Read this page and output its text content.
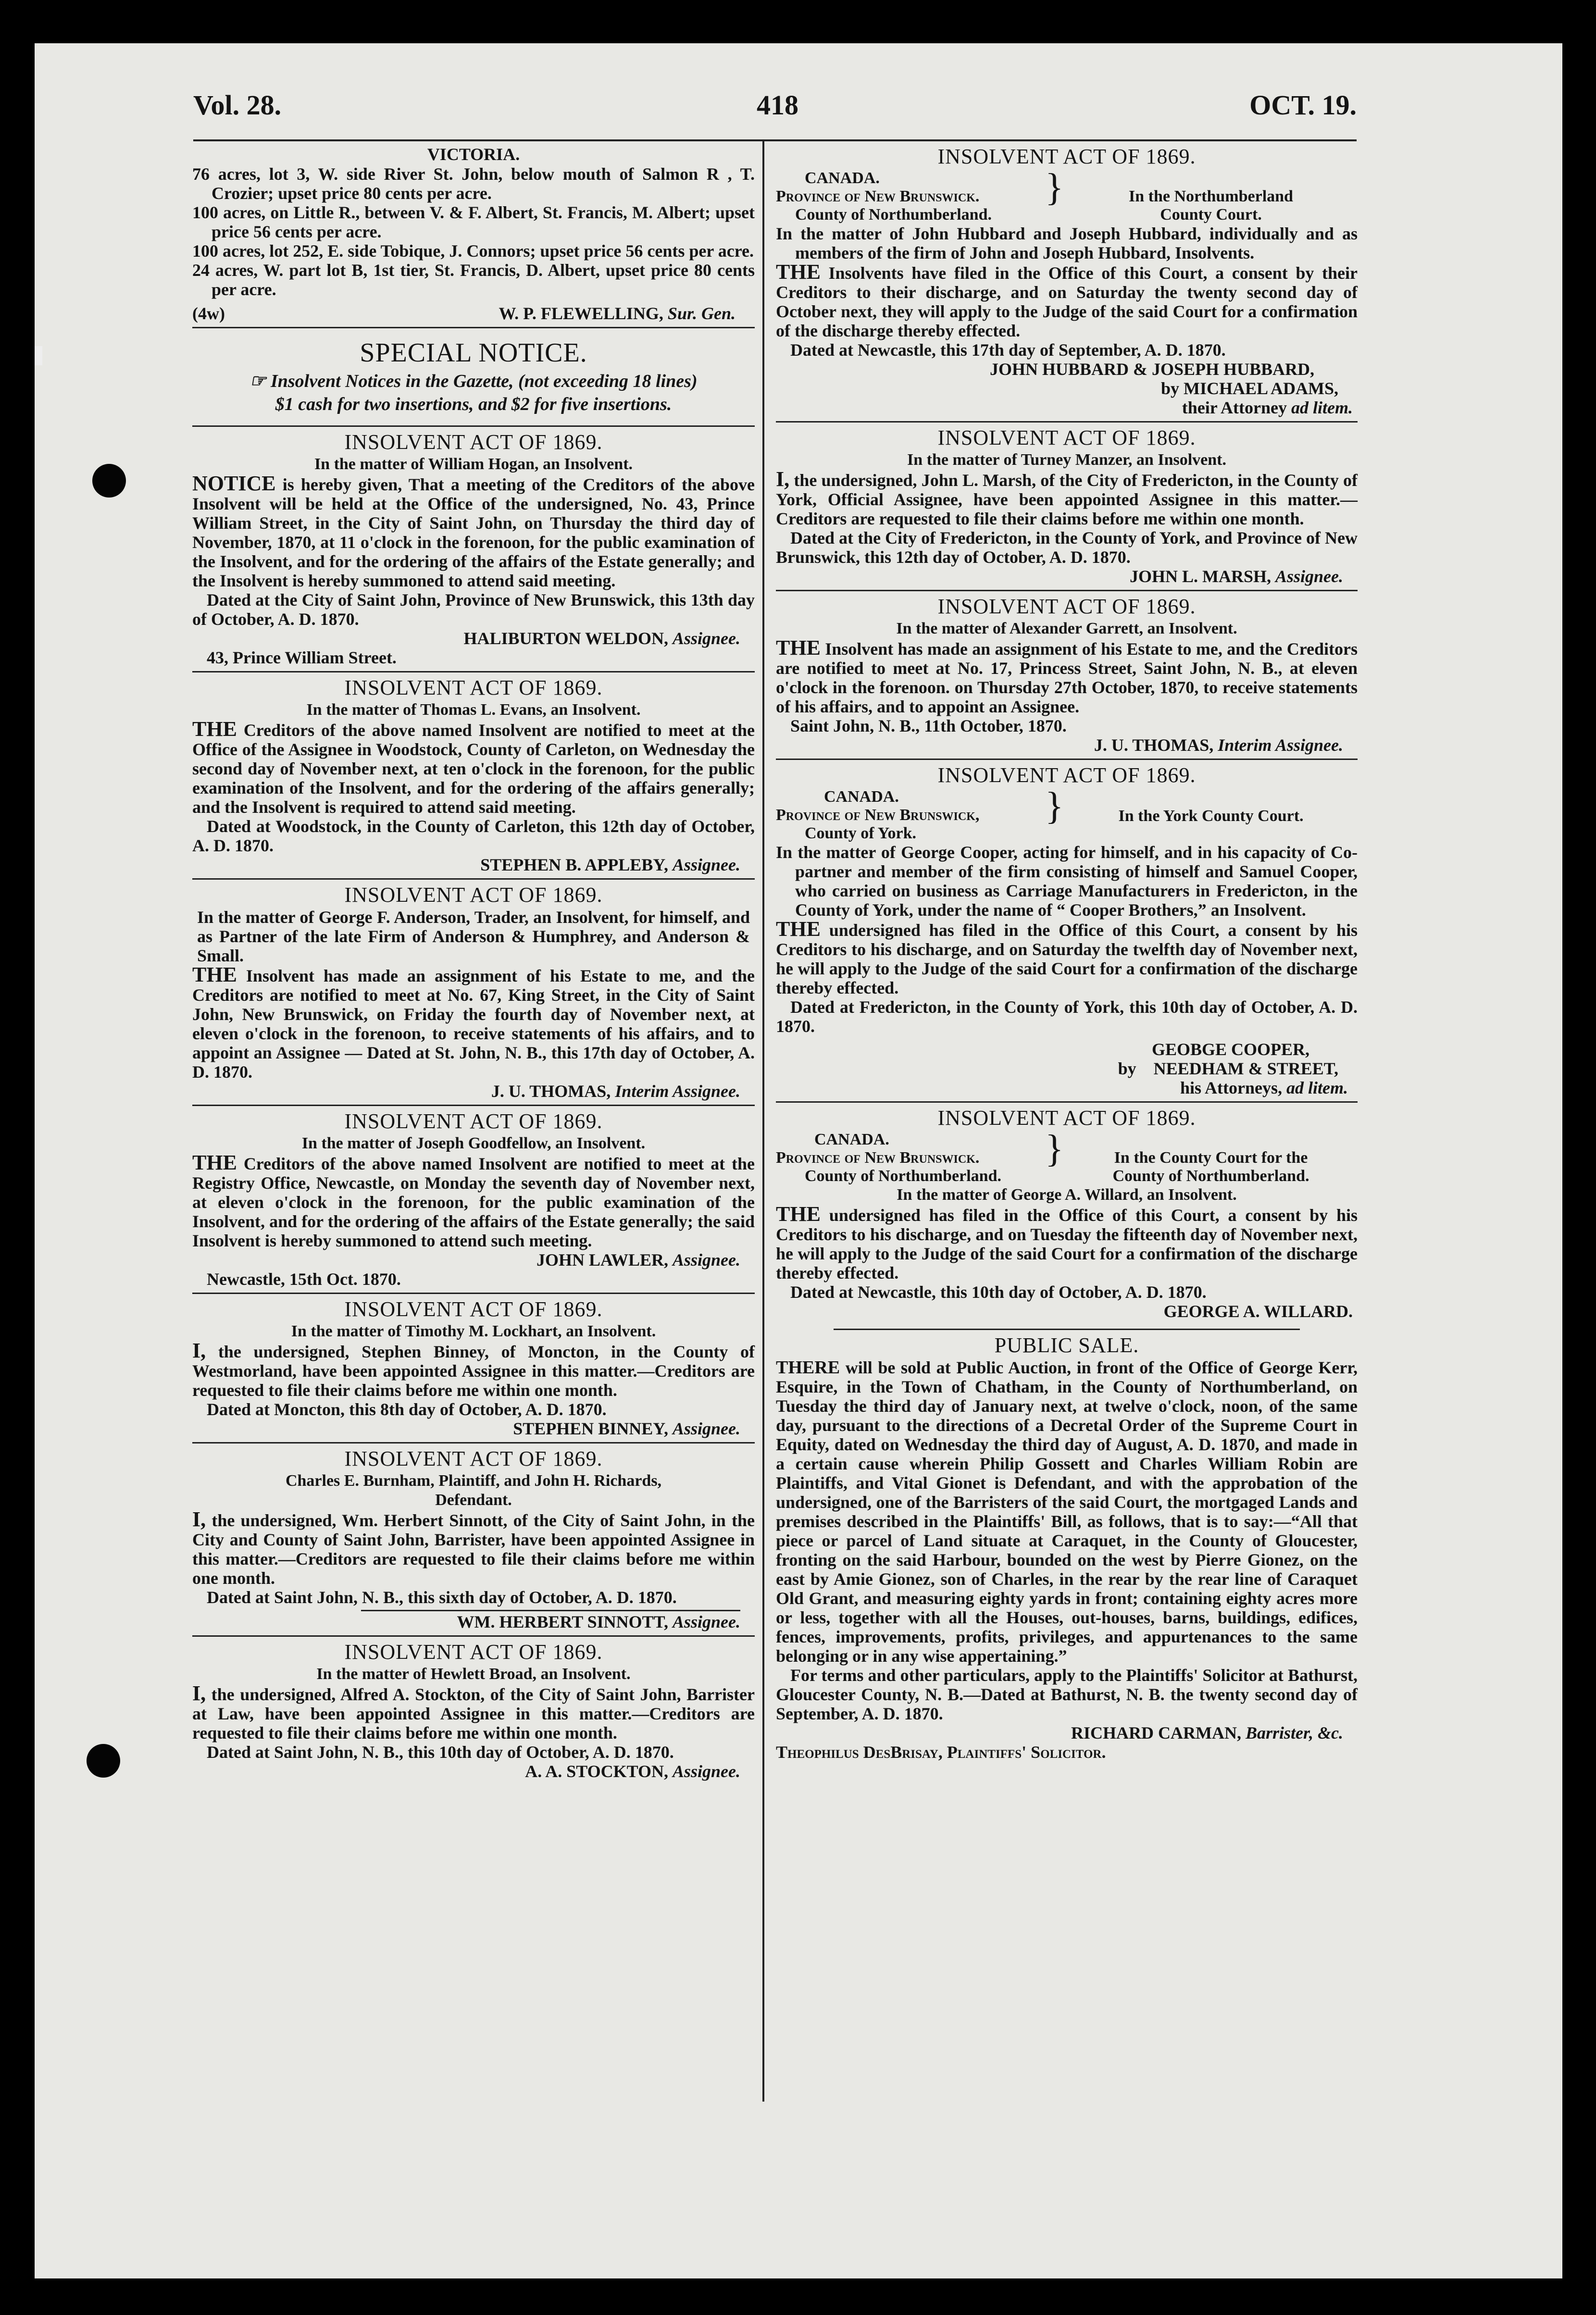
Vol. 28.	418	OCT. 19.
VICTORIA.

76 acres, lot 3, W. side River St. John, below mouth of Salmon R , T. Crozier; upset price 80 cents per acre.

100 acres, on Little R., between V. & F. Albert, St. Francis, M. Albert; upset price 56 cents per acre.

100 acres, lot 252, E. side Tobique, J. Connors; upset price 56 cents per acre.

24 acres, W. part lot B, 1st tier, St. Francis, D. Albert, upset price 80 cents per acre.

(4w)	W. P. FLEWELLING, Sur. Gen.
SPECIAL NOTICE.
☞ Insolvent Notices in the Gazette, (not exceeding 18 lines)
$1 cash for two insertions, and $2 for five insertions.
INSOLVENT ACT OF 1869.
In the matter of William Hogan, an Insolvent.

NOTICE is hereby given, That a meeting of the Creditors of the above Insolvent will be held at the Office of the undersigned, No. 43, Prince William Street, in the City of Saint John, on Thursday the third day of November, 1870, at 11 o'clock in the forenoon, for the public examination of the Insolvent, and for the ordering of the affairs of the Estate generally; and the Insolvent is hereby summoned to attend said meeting.

Dated at the City of Saint John, Province of New Brunswick, this 13th day of October, A. D. 1870.

HALIBURTON WELDON, Assignee.

43, Prince William Street.

INSOLVENT ACT OF 1869.
In the matter of Thomas L. Evans, an Insolvent.

THE Creditors of the above named Insolvent are notified to meet at the Office of the Assignee in Woodstock, County of Carleton, on Wednesday the second day of November next, at ten o'clock in the forenoon, for the public examination of the Insolvent, and for the ordering of the affairs generally; and the Insolvent is required to attend said meeting.

Dated at Woodstock, in the County of Carleton, this 12th day of October, A. D. 1870.

STEPHEN B. APPLEBY, Assignee.
INSOLVENT ACT OF 1869.

In the matter of George F. Anderson, Trader, an Insolvent, for himself, and as Partner of the late Firm of Anderson & Humphrey, and Anderson & Small.

THE Insolvent has made an assignment of his Estate to me, and the Creditors are notified to meet at No. 67, King Street, in the City of Saint John, New Brunswick, on Friday the fourth day of November next, at eleven o'clock in the forenoon, to receive statements of his affairs, and to appoint an Assignee — Dated at St. John, N. B., this 17th day of October, A. D. 1870.

J. U. THOMAS, Interim Assignee.
INSOLVENT ACT OF 1869.
In the matter of Joseph Goodfellow, an Insolvent.

THE Creditors of the above named Insolvent are notified to meet at the Registry Office, Newcastle, on Monday the seventh day of November next, at eleven o'clock in the forenoon, for the public examination of the Insolvent, and for the ordering of the affairs of the Estate generally; the said Insolvent is hereby summoned to attend such meeting.

JOHN LAWLER, Assignee.

Newcastle, 15th Oct. 1870.

INSOLVENT ACT OF 1869.
In the matter of Timothy M. Lockhart, an Insolvent.

I, the undersigned, Stephen Binney, of Moncton, in the County of Westmorland, have been appointed Assignee in this matter.—Creditors are requested to file their claims before me within one month.

Dated at Moncton, this 8th day of October, A. D. 1870.

STEPHEN BINNEY, Assignee.
INSOLVENT ACT OF 1869.
Charles E. Burnham, Plaintiff, and John H. Richards, Defendant.

I, the undersigned, Wm. Herbert Sinnott, of the City of Saint John, in the City and County of Saint John, Barrister, have been appointed Assignee in this matter.—Creditors are requested to file their claims before me within one month.

Dated at Saint John, N. B., this sixth day of October, A. D. 1870.

WM. HERBERT SINNOTT, Assignee.
INSOLVENT ACT OF 1869.
In the matter of Hewlett Broad, an Insolvent.

I, the undersigned, Alfred A. Stockton, of the City of Saint John, Barrister at Law, have been appointed Assignee in this matter.—Creditors are requested to file their claims before me within one month.

Dated at Saint John, N. B., this 10th day of October, A. D. 1870.

A. A. STOCKTON, Assignee.
INSOLVENT ACT OF 1869.
CANADA.
Province of New Brunswick.
County of Northumberland.
}	In the Northumberland
County Court.

In the matter of John Hubbard and Joseph Hubbard, individually and as members of the firm of John and Joseph Hubbard, Insolvents.

THE Insolvents have filed in the Office of this Court, a consent by their Creditors to their discharge, and on Saturday the twenty second day of October next, they will apply to the Judge of the said Court for a confirmation of the discharge thereby effected.

Dated at Newcastle, this 17th day of September, A. D. 1870.

JOHN HUBBARD & JOSEPH HUBBARD,
by MICHAEL ADAMS,
their Attorney ad litem.
INSOLVENT ACT OF 1869.
In the matter of Turney Manzer, an Insolvent.

I, the undersigned, John L. Marsh, of the City of Fredericton, in the County of York, Official Assignee, have been appointed Assignee in this matter.—Creditors are requested to file their claims before me within one month.

Dated at the City of Fredericton, in the County of York, and Province of New Brunswick, this 12th day of October, A. D. 1870.

JOHN L. MARSH, Assignee.
INSOLVENT ACT OF 1869.
In the matter of Alexander Garrett, an Insolvent.

THE Insolvent has made an assignment of his Estate to me, and the Creditors are notified to meet at No. 17, Princess Street, Saint John, N. B., at eleven o'clock in the forenoon. on Thursday 27th October, 1870, to receive statements of his affairs, and to appoint an Assignee.

Saint John, N. B., 11th October, 1870.

J. U. THOMAS, Interim Assignee.
INSOLVENT ACT OF 1869.
CANADA.
Province of New Brunswick,
County of York.
}	In the York County Court.

In the matter of George Cooper, acting for himself, and in his capacity of Co-partner and member of the firm consisting of himself and Samuel Cooper, who carried on business as Carriage Manufacturers in Fredericton, in the County of York, under the name of “ Cooper Brothers,” an Insolvent.

THE undersigned has filed in the Office of this Court, a consent by his Creditors to his discharge, and on Saturday the twelfth day of November next, he will apply to the Judge of the said Court for a confirmation of the discharge thereby effected.

Dated at Fredericton, in the County of York, this 10th day of October, A. D. 1870.

GEOBGE COOPER,
by NEEDHAM & STREET,
his Attorneys, ad litem.
INSOLVENT ACT OF 1869.
CANADA.
Province of New Brunswick.
County of Northumberland.
}	In the County Court for the
County of Northumberland.
In the matter of George A. Willard, an Insolvent.

THE undersigned has filed in the Office of this Court, a consent by his Creditors to his discharge, and on Tuesday the fifteenth day of November next, he will apply to the Judge of the said Court for a confirmation of the discharge thereby effected.

Dated at Newcastle, this 10th day of October, A. D. 1870.

GEORGE A. WILLARD.
PUBLIC SALE.

THERE will be sold at Public Auction, in front of the Office of George Kerr, Esquire, in the Town of Chatham, in the County of Northumberland, on Tuesday the third day of January next, at twelve o'clock, noon, of the same day, pursuant to the directions of a Decretal Order of the Supreme Court in Equity, dated on Wednesday the third day of August, A. D. 1870, and made in a certain cause wherein Philip Gossett and Charles William Robin are Plaintiffs, and Vital Gionet is Defendant, and with the approbation of the undersigned, one of the Barristers of the said Court, the mortgaged Lands and premises described in the Plaintiffs' Bill, as follows, that is to say:—“All that piece or parcel of Land situate at Caraquet, in the County of Gloucester, fronting on the said Harbour, bounded on the west by Pierre Gionez, on the east by Amie Gionez, son of Charles, in the rear by the rear line of Caraquet Old Grant, and measuring eighty yards in front; containing eighty acres more or less, together with all the Houses, out-houses, barns, buildings, edifices, fences, improvements, profits, privileges, and appurtenances to the same belonging or in any wise appertaining.”

For terms and other particulars, apply to the Plaintiffs' Solicitor at Bathurst, Gloucester County, N. B.—Dated at Bathurst, N. B. the twenty second day of September, A. D. 1870.

RICHARD CARMAN, Barrister, &c.

Theophilus DesBrisay, Plaintiffs' Solicitor.
